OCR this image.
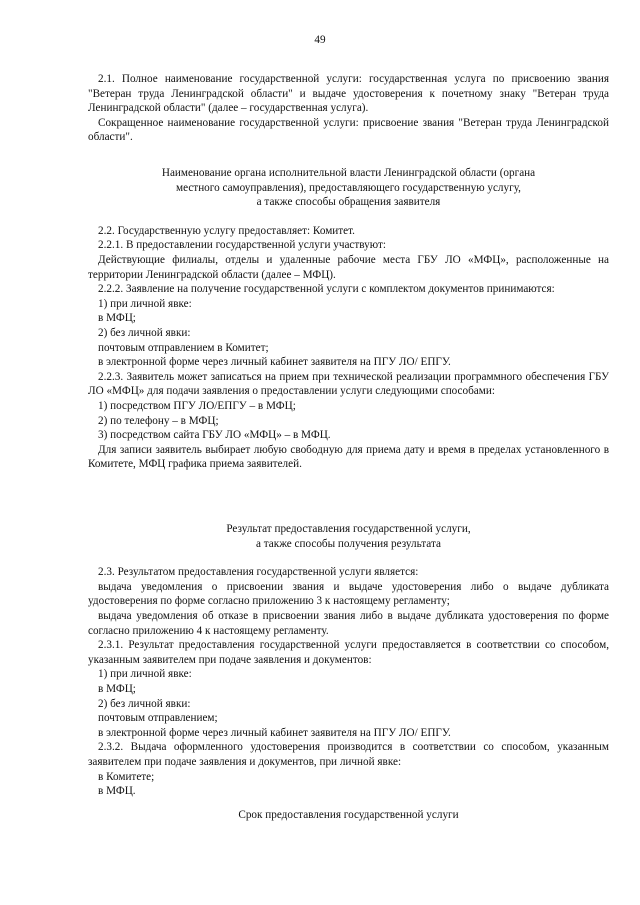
49

2.1. Полное наименование государственной услуги: государственная услуга по присвоению звания "Ветеран труда Ленинградской области" и выдаче удостоверения к почетному знаку "Ветеран труда Ленинградской области" (далее – государственная услуга).

Сокращенное наименование государственной услуги: присвоение звания "Ветеран труда Ленинградской области".

Наименование органа исполнительной власти Ленинградской области (органа

местного самоуправления), предоставляющего государственную услугу,

а также способы обращения заявителя

2.2. Государственную услугу предоставляет: Комитет.

2.2.1. В предоставлении государственной услуги участвуют:

Действующие филиалы, отделы и удаленные рабочие места ГБУ ЛО «МФЦ», расположенные на территории Ленинградской области (далее – МФЦ).

2.2.2. Заявление на получение государственной услуги с комплектом документов принимаются:

1) при личной явке:

в МФЦ;

2) без личной явки:

почтовым отправлением в Комитет;

в электронной форме через личный кабинет заявителя на ПГУ ЛО/ ЕПГУ.

2.2.3. Заявитель может записаться на прием при технической реализации программного обеспечения ГБУ ЛО «МФЦ» для подачи заявления о предоставлении услуги следующими способами:

1) посредством ПГУ ЛО/ЕПГУ – в МФЦ;

2) по телефону – в МФЦ;

3) посредством сайта ГБУ ЛО «МФЦ» – в МФЦ.

Для записи заявитель выбирает любую свободную для приема дату и время в пределах установленного в Комитете, МФЦ графика приема заявителей.

Результат предоставления государственной услуги,

а также способы получения результата

2.3. Результатом предоставления государственной услуги является:

выдача уведомления о присвоении звания и выдаче удостоверения либо о выдаче дубликата удостоверения по форме согласно приложению 3 к настоящему регламенту;

выдача уведомления об отказе в присвоении звания либо в выдаче дубликата удостоверения по форме согласно приложению 4 к настоящему регламенту.

2.3.1. Результат предоставления государственной услуги предоставляется в соответствии со способом, указанным заявителем при подаче заявления и документов:

1) при личной явке:

в МФЦ;

2) без личной явки:

почтовым отправлением;

в электронной форме через личный кабинет заявителя на ПГУ ЛО/ ЕПГУ.

2.3.2. Выдача оформленного удостоверения производится в соответствии со способом, указанным заявителем при подаче заявления и документов, при личной явке:

в Комитете;

в МФЦ.

Срок предоставления государственной услуги
